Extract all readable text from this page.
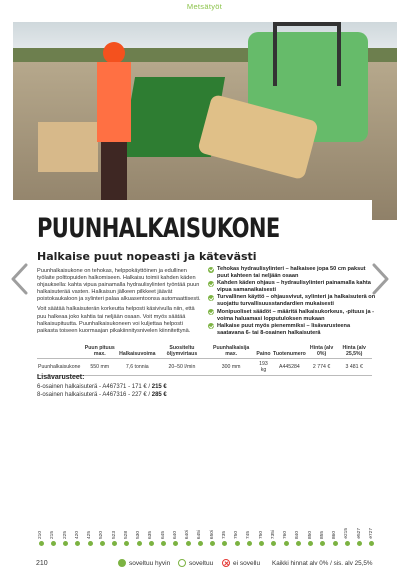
Metsätyöt
PUUNHALKAISUKONE
Halkaise puut nopeasti ja kätevästi

Puunhalkaisukone on tehokas, helppokäyttöinen ja edullinen työlaite polttopuiden halkomiseen. Halkaisu toimii kahden käden ohjauksella: kahta vipua painamalla hydraulisylinteri työntää puun halkaisuterää vasten. Halkaisun jälkeen pilkkeet jäävät poistokaukaloon ja sylinteri palaa alkuasentoonsa automaattisesti.

Voit säätää halkaisuterän korkeutta helposti käsivivulla niin, että puu halkeaa joko kahtia tai neljään osaan. Voit myös säätää halkaisupituutta. Puunhalkaisukoneen voi kuljettaa helposti paikasta toiseen kuormaajan pikakiinnitysnivelen kiinnitettynä.

Tehokas hydraulisylinteri – halkaisee jopa 50 cm paksut puut kahteen tai neljään osaan
Kahden käden ohjaus – hydraulisylinteri painamalla kahta vipua samanaikaisesti
Turvallinen käyttö – ohjausvivut, sylinteri ja halkaisuterä on suojattu turvallisuusstandardien mukaisesti
Monipuoliset säädöt – määritä halkaisukorkeus, -pituus ja -voima haluamasi lopputuloksen mukaan
Halkaise puut myös pienemmiksi – lisävarusteena saatavana 6- tai 8-osainen halkaisuterä
	Puun pituus max.	Halkaisuvoima	Suositeltu öljymvirtaus	Puunhalkaisija max.	Paino	Tuotenumero	Hinta (alv 0%)	Hinta (alv 25,5%)
Puunhalkaisukone	550 mm	7,6 tonnia	20–50 l/min	300 mm	193 kg	A445284	2 774 €	3 481 €
Lisävarusteet:
6-osainen halkaisuterä - A467371 - 171 € / 215 €
8-osainen halkaisuterä - A467316 - 227 € / 285 €
210 215 225 420 425 520 523 528 530 635 645 640 640i 645i 650i 735 750 745 750 735i 760 840 850 855 860 e215 e527 e727
210	soveltuu hyvin	soveltuu	ei sovellu Kaikki hinnat alv 0% / sis. alv 25,5%
